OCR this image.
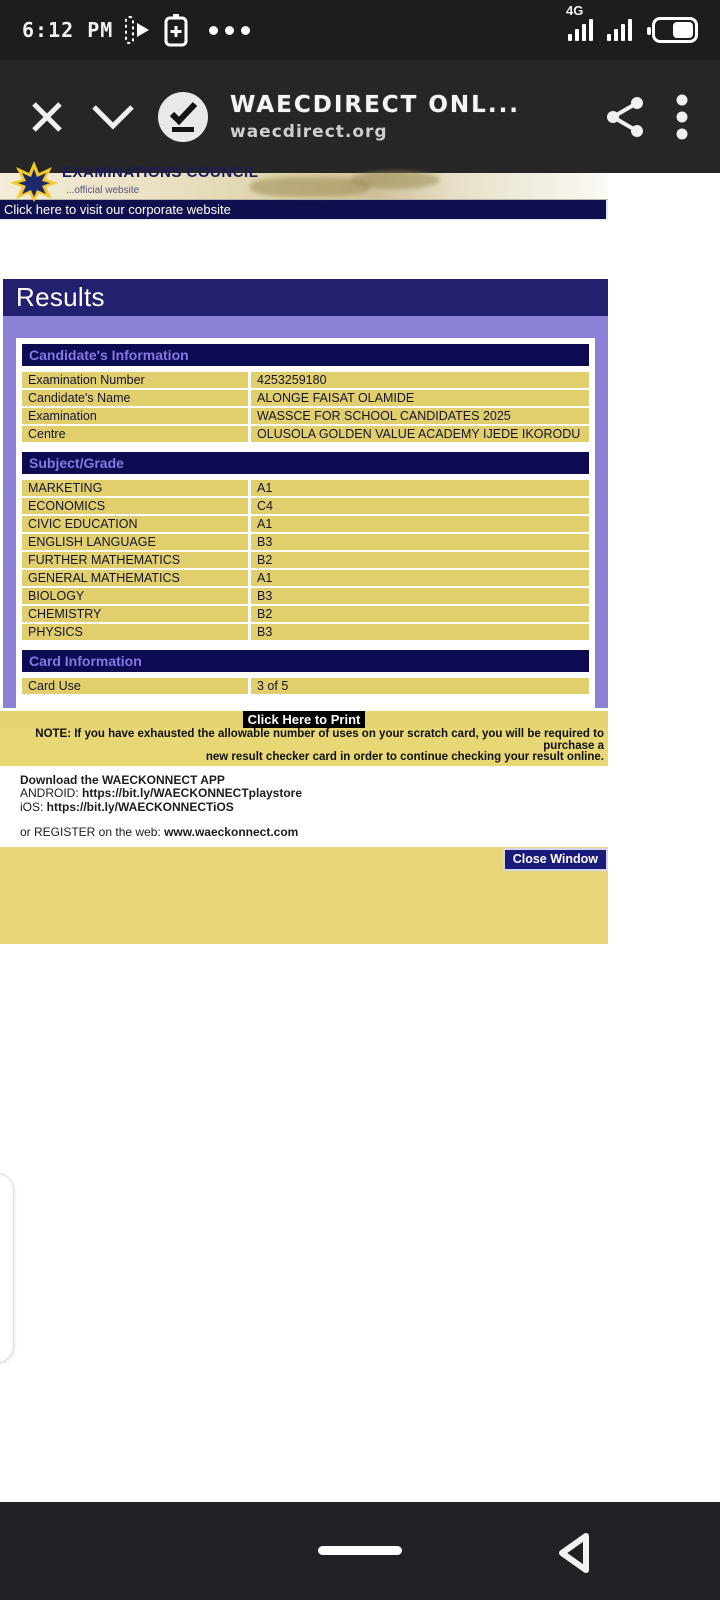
6:12 PM
4G
WAECDIRECT ONL...
waecdirect.org
EXAMINATIONS COUNCIL
...official website
Click here to visit our corporate website
Results
Candidate's Information
Examination Number	4253259180
Candidate's Name	ALONGE FAISAT OLAMIDE
Examination	WASSCE FOR SCHOOL CANDIDATES 2025
Centre	OLUSOLA GOLDEN VALUE ACADEMY IJEDE IKORODU
Subject/Grade
MARKETING	A1
ECONOMICS	C4
CIVIC EDUCATION	A1
ENGLISH LANGUAGE	B3
FURTHER MATHEMATICS	B2
GENERAL MATHEMATICS	A1
BIOLOGY	B3
CHEMISTRY	B2
PHYSICS	B3
Card Information
Card Use	3 of 5
Click Here to Print
NOTE: If you have exhausted the allowable number of uses on your scratch card, you will be required to purchase a
new result checker card in order to continue checking your result online.
Download the WAECKONNECT APP
ANDROID: https://bit.ly/WAECKONNECTplaystore
iOS: https://bit.ly/WAECKONNECTiOS
or REGISTER on the web: www.waeckonnect.com
Close Window
